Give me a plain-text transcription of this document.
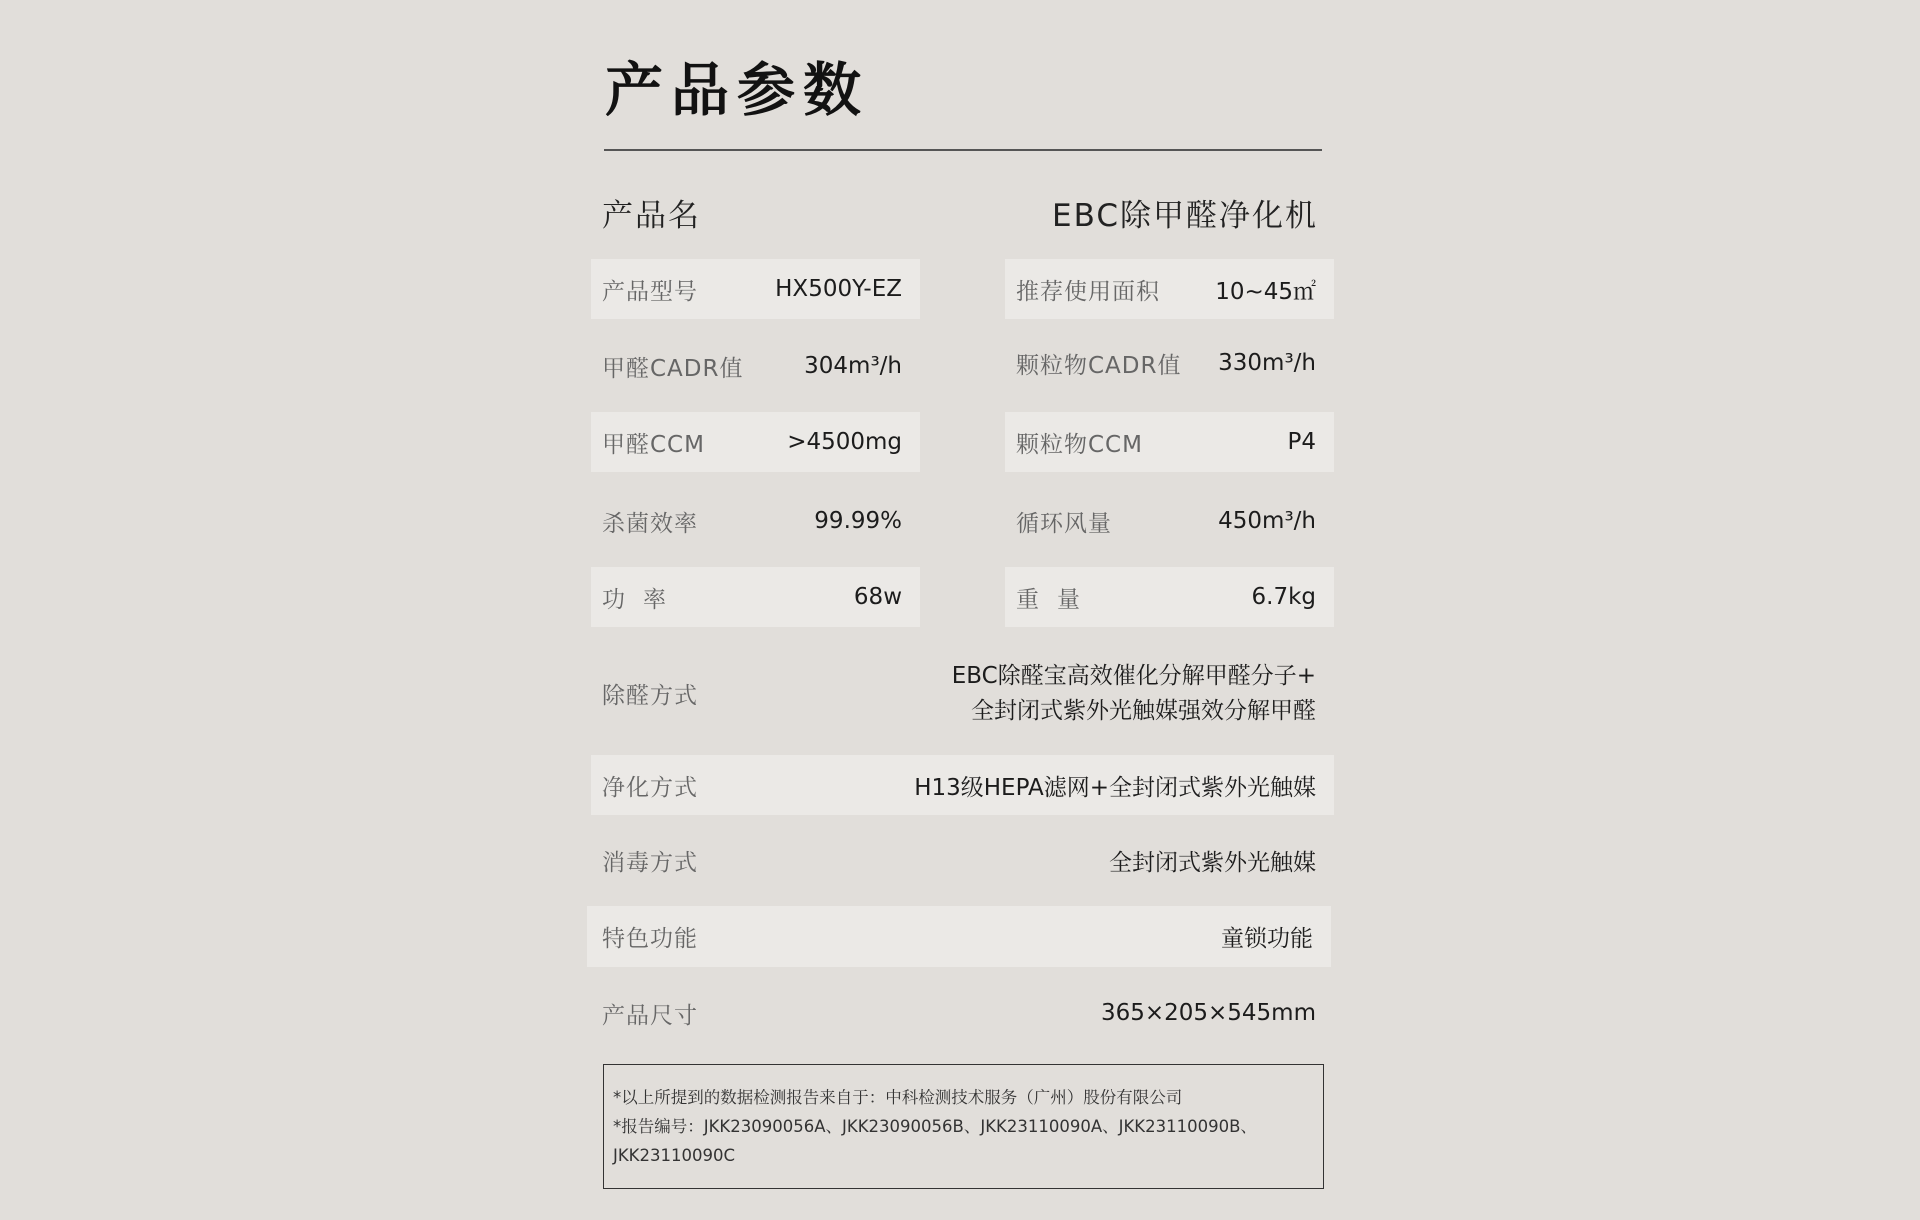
产品参数
产品名	EBC除甲醛净化机
产品型号	HX500Y-EZ	推荐使用面积 10~45㎡
甲醛CADR值	304m³/h	颗粒物CADR值 330m³/h
甲醛CCM	>4500mg	颗粒物CCM	P4
杀菌效率	99.99%	循环风量	450m³/h
功率	68w	重量	6.7kg
除醛方式
EBC除醛宝高效催化分解甲醛分子+
全封闭式紫外光触媒强效分解甲醛
净化方式	H13级HEPA滤网+全封闭式紫外光触媒
消毒方式	全封闭式紫外光触媒
特色功能	童锁功能
产品尺寸	365×205×545mm
*以上所提到的数据检测报告来自于：中科检测技术服务（广州）股份有限公司
*报告编号：JKK23090056A、JKK23090056B、JKK23110090A、JKK23110090B、
JKK23110090C
